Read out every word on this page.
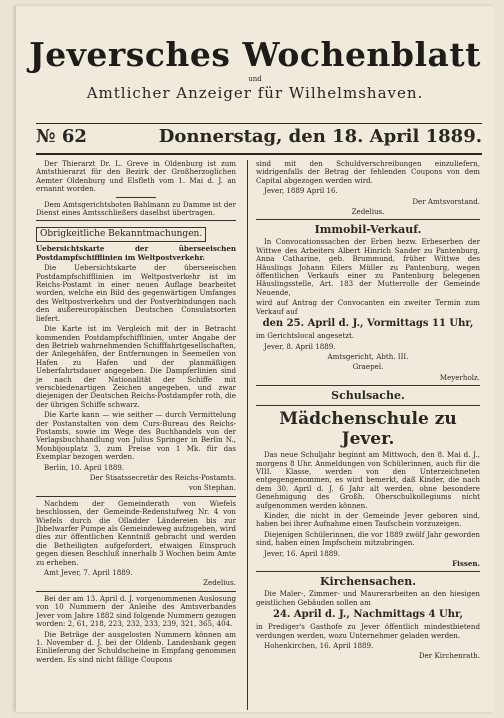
Jeversches Wochenblatt
und
Amtlicher Anzeiger für Wilhelmshaven.
№ 62	Donnerstag, den 18. April 1889.

Der Thierarzt Dr. L. Greve in Oldenburg ist zum Amtsthierarzt für den Bezirk der Großherzoglichen Aemter Oldenburg und Elsfleth vom 1. Mai d. J. an ernannt worden.

Dem Amtsgerichtsboten Bahlmann zu Damme ist der Dienst eines Amtsschließers daselbst übertragen.

Obrigkeitliche Bekanntmachungen.

Uebersichtskarte der überseeischen Postdampfschifflinien im Weltpostverkehr.

Die Uebersichtskarte der überseeischen Postdampfschifflinien im Weltpostverkehr ist im Reichs-Postamt in einer neuen Auflage bearbeitet worden, welche ein Bild des gegenwärtigen Umfanges des Weltpostverkehrs und der Postverbindungen nach den außereuropäischen Deutschen Consulatsorten liefert.

Die Karte ist im Vergleich mit der in Betracht kommenden Postdampfschifflinien, unter Angabe der den Betrieb wahrnehmenden Schifffahrtgesellschaften, der Anlegehäfen, der Entfernungen in Seemeilen von Hafen zu Hafen und der planmäßigen Ueberfahrtsdauer angegeben. Die Dampferlinien sind je nach der Nationalität der Schiffe mit verschiedenartigen Zeichen angegeben, und zwar diejenigen der Deutschen Reichs-Postdampfer roth, die der übrigen Schiffe schwarz.

Die Karte kann — wie seither — durch Vermittelung der Postanstalten von dem Curs-Bureau des Reichs-Postamts, sowie im Wege des Buchhandels von der Verlagsbuchhandlung von Julius Springer in Berlin N., Monbijouplatz 3, zum Preise von 1 Mk. für das Exemplar bezogen werden.

Berlin, 10. April 1889.

Der Staatssecretär des Reichs-Postamts.

von Stephan.

Nachdem der Gemeinderath von Wiefels beschlossen, der Gemeinde-Redenstufweg Nr. 4 von Wiefels durch die Olladder Ländereien bis zur Jbbelwarfer Pumpe als Gemeindeweg aufzugeben, wird dies zur öffentlichen Kenntniß gebracht und werden die Betheiligten aufgefordert, etwaigen Einspruch gegen diesen Beschluß innerhalb 3 Wochen beim Amte zu erheben.

Amt Jever, 7. April 1889.

Zedelius.

Bei der am 13. April d. J. vorgenommenen Auslosung von 10 Nummern der Anleihe des Amtsverbandes Jever vom Jahre 1882 sind folgende Nummern gezogen worden: 2, 61, 218, 223, 232, 233, 239, 321, 365, 404.

Die Beträge der ausgelosten Nummern können am 1. November d. J. bei der Oldenb. Landesbank gegen Einlieferung der Schuldscheine in Empfang genommen werden. Es sind nicht fällige Coupons

sind mit den Schuldverschreibungen einzuliefern, widrigenfalls der Betrag der fehlenden Coupons von dem Capital abgezogen werden wird.

Jever, 1889 April 16.

Der Amtsvorstand.

Zedelius.

Immobil-Verkauf.

In Convocationssachen der Erben bezw. Erbeserben der Wittwe des Arbeiters Albert Hinrich Sander zu Pantenburg, Anna Catharine, geb. Brummund, früher Wittwe des Häuslings Johann Eilers Müller zu Pantenburg, wegen öffentlichen Verkaufs einer zu Pantenburg belegenen Häuslingsstelle, Art. 183 der Mutterrolle der Gemeinde Neuende,

wird auf Antrag der Convocanten ein zweiter Termin zum Verkauf auf

den 25. April d. J., Vormittags 11 Uhr,

im Gerichtslocal angesetzt.

Jever, 8. April 1889.

Amtsgericht, Abth. III.

Graepel.

Meyerholz.

Schulsache.

Mädchenschule zu Jever.

Das neue Schuljahr beginnt am Mittwoch, den 8. Mai d. J., morgens 8 Uhr. Anmeldungen von Schülerinnen, auch für die VIII. Klasse, werden von den Unterzeichneten entgegengenommen, es wird bemerkt, daß Kinder, die nach dem 30. April d. J. 6 Jahr alt werden, ohne besondere Genehmigung des Großh. Oberschulkollegiums nicht aufgenommen werden können.

Kinder, die nicht in der Gemeinde Jever geboren sind, haben bei ihrer Aufnahme einen Taufschein vorzuzeigen.

Diejenigen Schülerinnen, die vor 1889 zwölf Jahr geworden sind, haben einen Impfschein mitzubringen.

Jever, 16. April 1889.

Fissen.

Kirchensachen.

Die Maler-, Zimmer- und Maurerarbeiten an den hiesigen geistlichen Gebäuden sollen am

24. April d. J., Nachmittags 4 Uhr,

in Prediger's Gasthofe zu Jever öffentlich mindestbietend verdungen werden, wozu Unternehmer geladen werden.

Hohenkirchen, 16. April 1889.

Der Kirchenrath.
